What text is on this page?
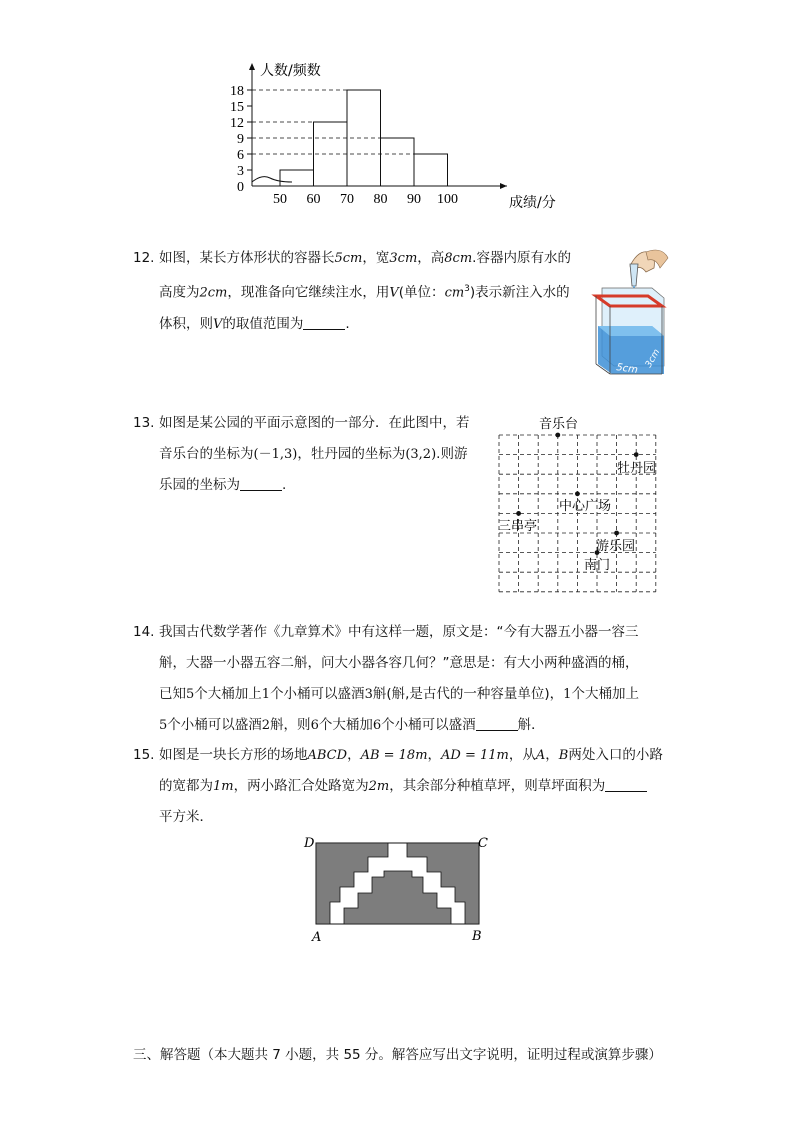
0
3
6
9
12
15
18
50 60 70 80 90 100
人数/频数
成绩/分
12. 如图，某长方体形状的容器长5cm，宽3cm，高8cm.容器内原有水的
高度为2cm，现准备向它继续注水，用V(单位：$cm^3$)表示新注入水的
体积，则V的取值范围为	.
5cm 3cm
13. 如图是某公园的平面示意图的一部分．在此图中，若
音乐台的坐标为(－1,3)，牡丹园的坐标为(3,2).则游
乐园的坐标为	.
音乐台
牡丹园
中心广场
三串亭
游乐园
南门
14. 我国古代数学著作《九章算术》中有这样一题，原文是：“今有大器五小器一容三
斛，大器一小器五容二斛，问大小器各容几何？”意思是：有大小两种盛酒的桶，
已知5个大桶加上1个小桶可以盛酒3斛(斛,是古代的一种容量单位)，1个大桶加上
5个小桶可以盛酒2斛，则6个大桶加6个小桶可以盛酒	斛．
15. 如图是一块长方形的场地ABCD，AB = 18m，AD = 11m，从A，B两处入口的小路
的宽都为1m，两小路汇合处路宽为2m，其余部分种植草坪，则草坪面积为
平方米．
D	C
A	B
三、解答题（本大题共 7 小题，共 55 分。解答应写出文字说明，证明过程或演算步骤）
